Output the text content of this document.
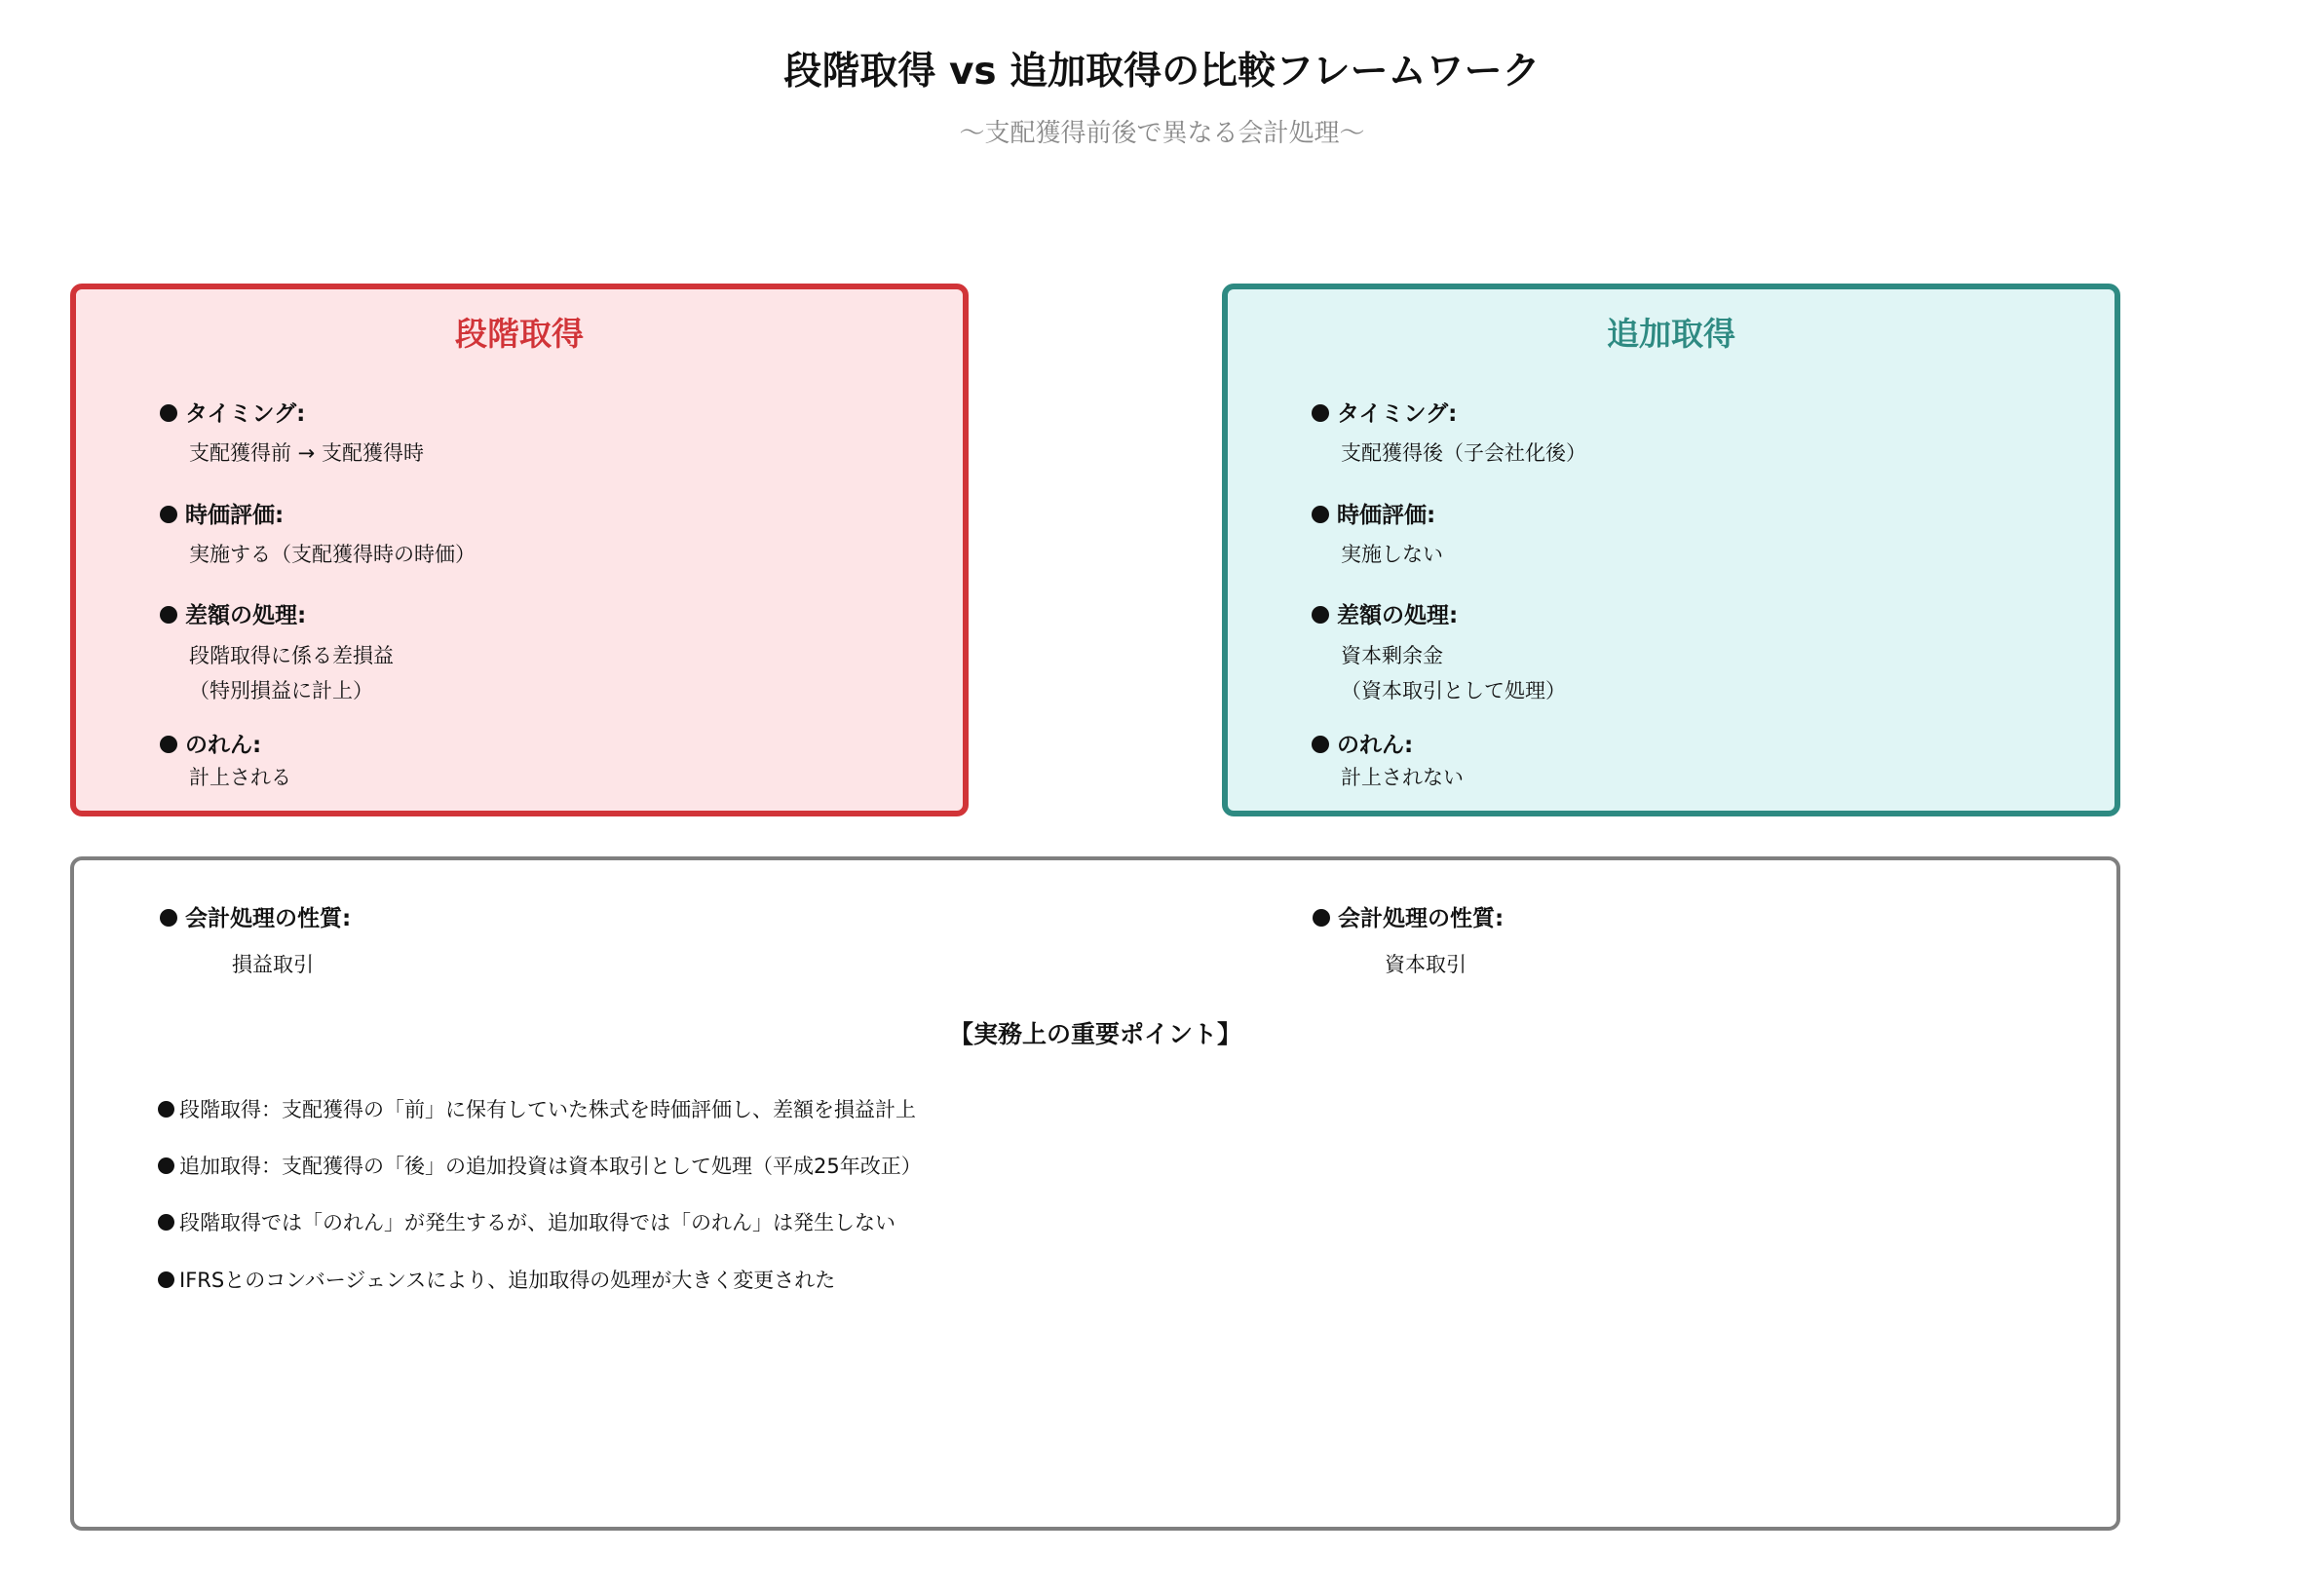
段階取得 vs 追加取得の比較フレームワーク
～支配獲得前後で異なる会計処理～
段階取得
タイミング:
支配獲得前 → 支配獲得時
時価評価:
実施する（支配獲得時の時価）
差額の処理:
段階取得に係る差損益
（特別損益に計上）
のれん:
計上される
追加取得
タイミング:
支配獲得後（子会社化後）
時価評価:
実施しない
差額の処理:
資本剰余金
（資本取引として処理）
のれん:
計上されない
会計処理の性質:
損益取引
会計処理の性質:
資本取引
【実務上の重要ポイント】
段階取得：支配獲得の「前」に保有していた株式を時価評価し、差額を損益計上
追加取得：支配獲得の「後」の追加投資は資本取引として処理（平成25年改正）
段階取得では「のれん」が発生するが、追加取得では「のれん」は発生しない
IFRSとのコンバージェンスにより、追加取得の処理が大きく変更された
